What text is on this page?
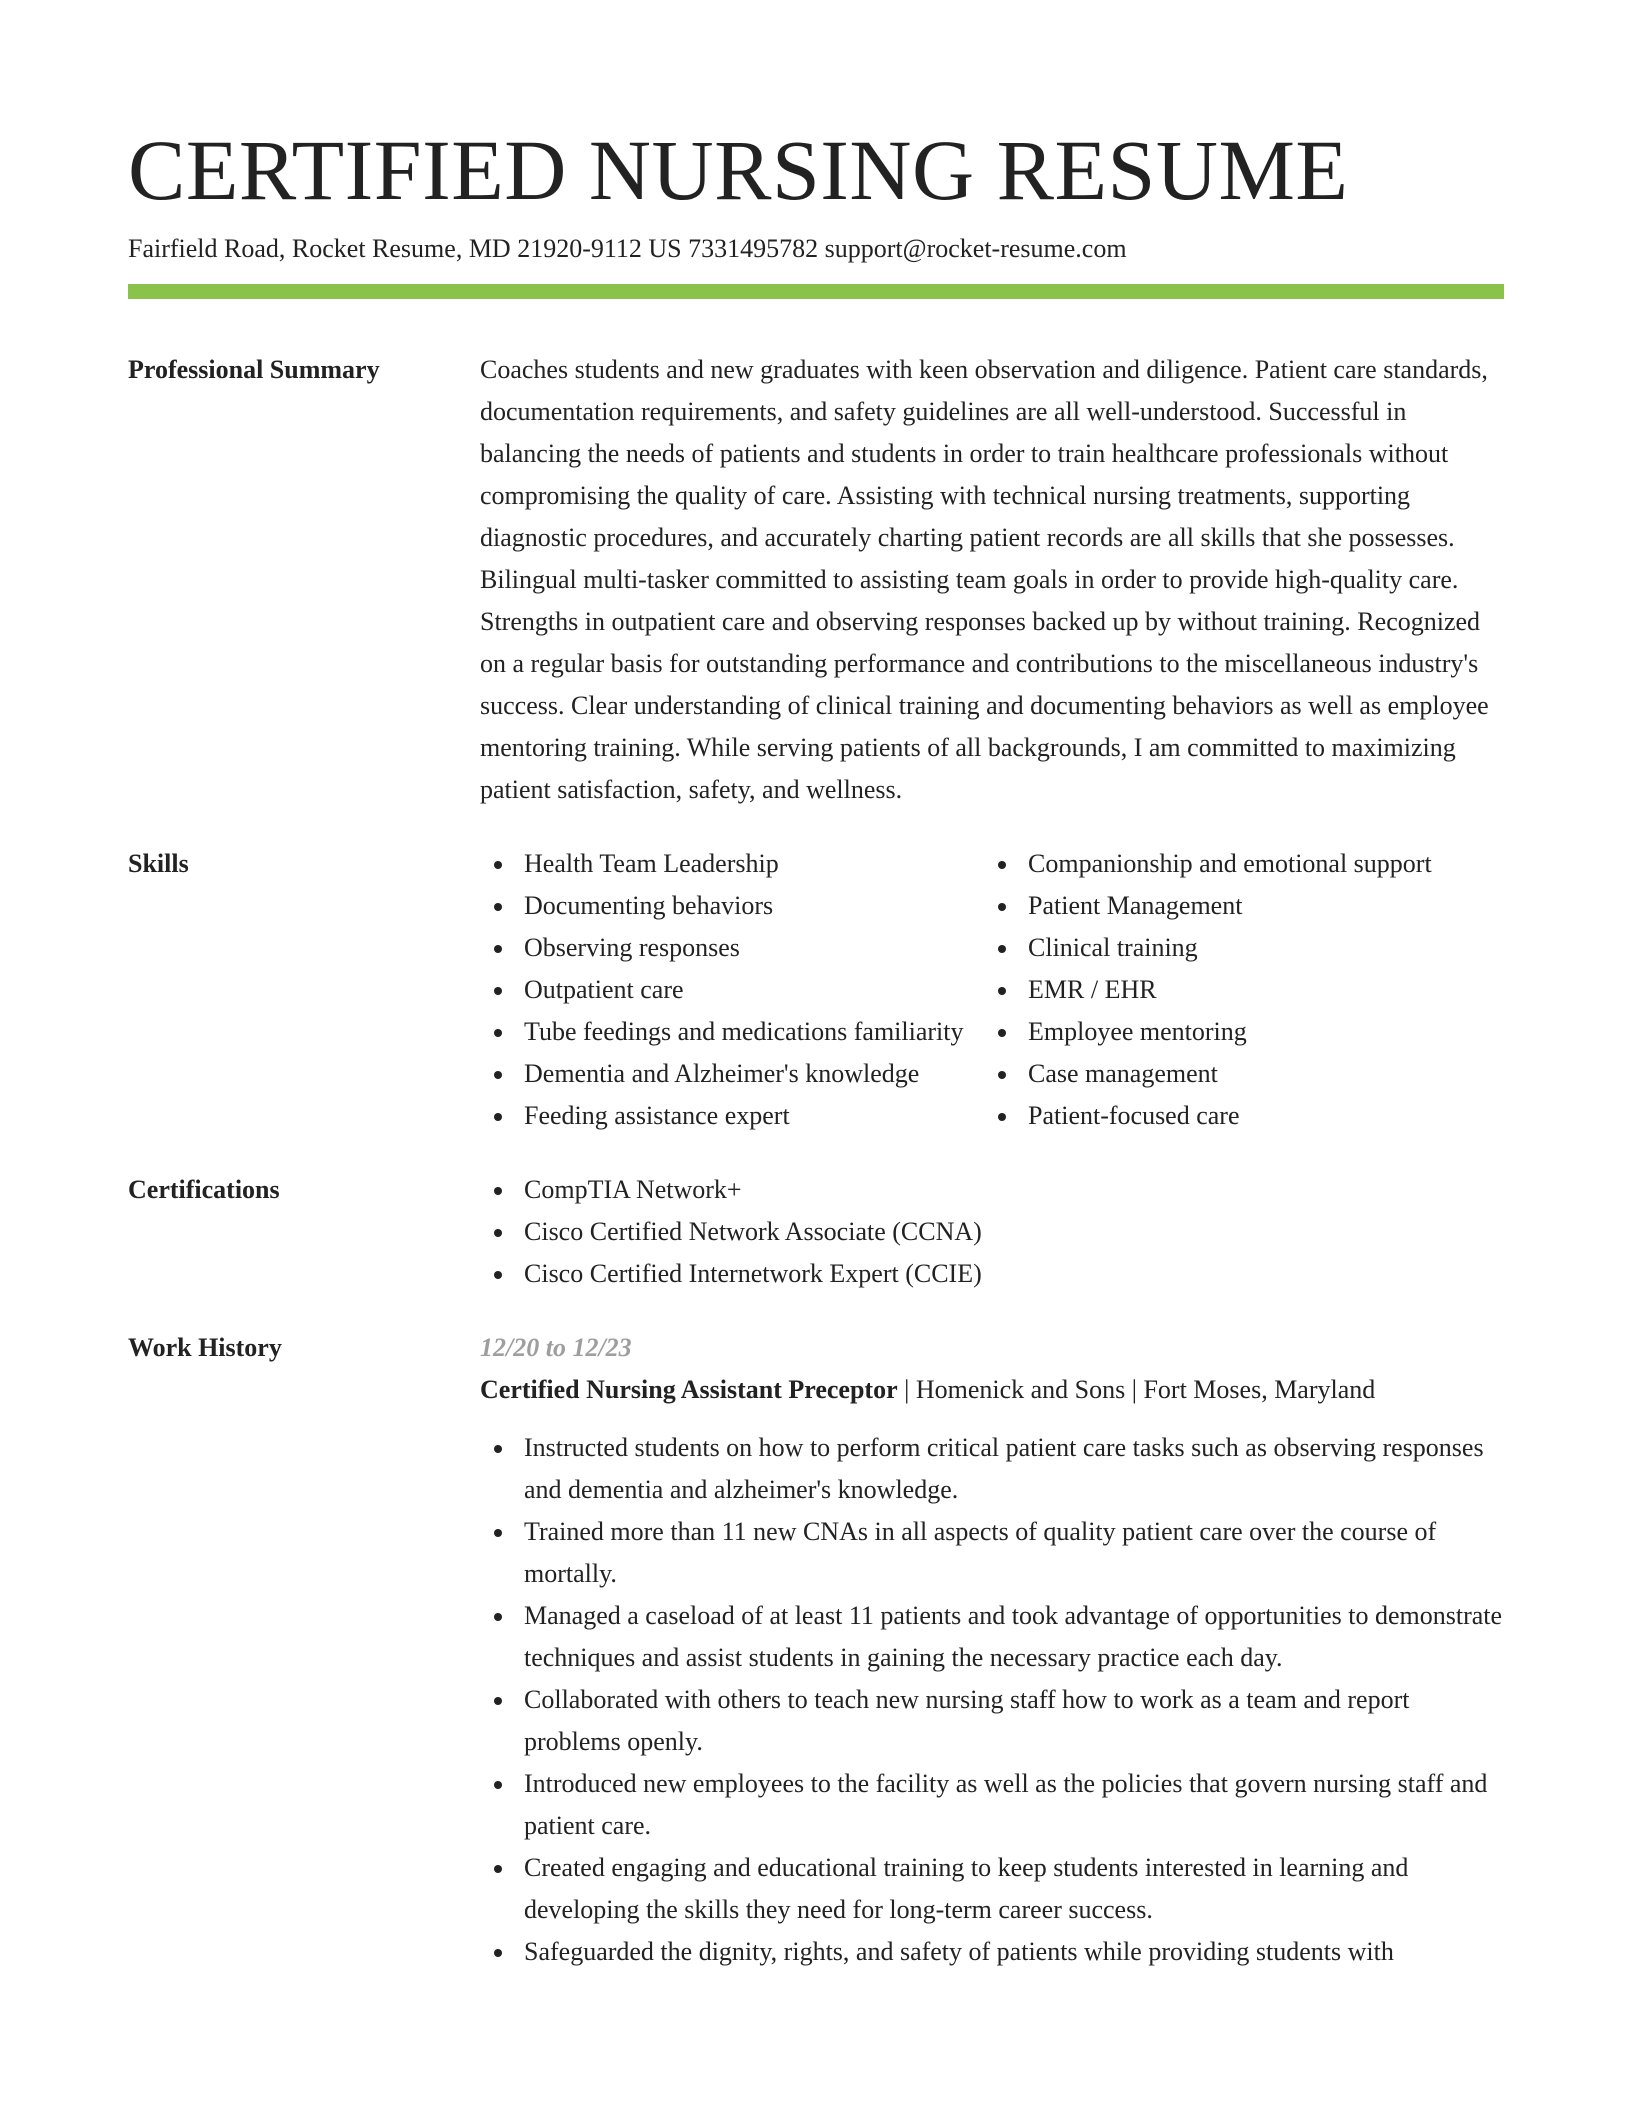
CERTIFIED NURSING RESUME
Fairfield Road, Rocket Resume, MD 21920-9112 US 7331495782 support@rocket-resume.com
Professional Summary	Coaches students and new graduates with keen observation and diligence. Patient care standards, documentation requirements, and safety guidelines are all well-understood. Successful in balancing the needs of patients and students in order to train healthcare professionals without compromising the quality of care. Assisting with technical nursing treatments, supporting diagnostic procedures, and accurately charting patient records are all skills that she possesses. Bilingual multi-tasker committed to assisting team goals in order to provide high-quality care. Strengths in outpatient care and observing responses backed up by without training. Recognized on a regular basis for outstanding performance and contributions to the miscellaneous industry's success. Clear understanding of clinical training and documenting behaviors as well as employee mentoring training. While serving patients of all backgrounds, I am committed to maximizing patient satisfaction, safety, and wellness.
Skills	Health Team Leadership
Documenting behaviors
Observing responses
Outpatient care
Tube feedings and medications familiarity
Dementia and Alzheimer's knowledge
Feeding assistance expert
Companionship and emotional support
Patient Management
Clinical training
EMR / EHR
Employee mentoring
Case management
Patient-focused care
Certifications	CompTIA Network+
Cisco Certified Network Associate (CCNA)
Cisco Certified Internetwork Expert (CCIE)
Work History	12/20 to 12/23
Certified Nursing Assistant Preceptor | Homenick and Sons | Fort Moses, Maryland
Instructed students on how to perform critical patient care tasks such as observing responses and dementia and alzheimer's knowledge.
Trained more than 11 new CNAs in all aspects of quality patient care over the course of mortally.
Managed a caseload of at least 11 patients and took advantage of opportunities to demonstrate techniques and assist students in gaining the necessary practice each day.
Collaborated with others to teach new nursing staff how to work as a team and report problems openly.
Introduced new employees to the facility as well as the policies that govern nursing staff and patient care.
Created engaging and educational training to keep students interested in learning and developing the skills they need for long-term career success.
Safeguarded the dignity, rights, and safety of patients while providing students with
